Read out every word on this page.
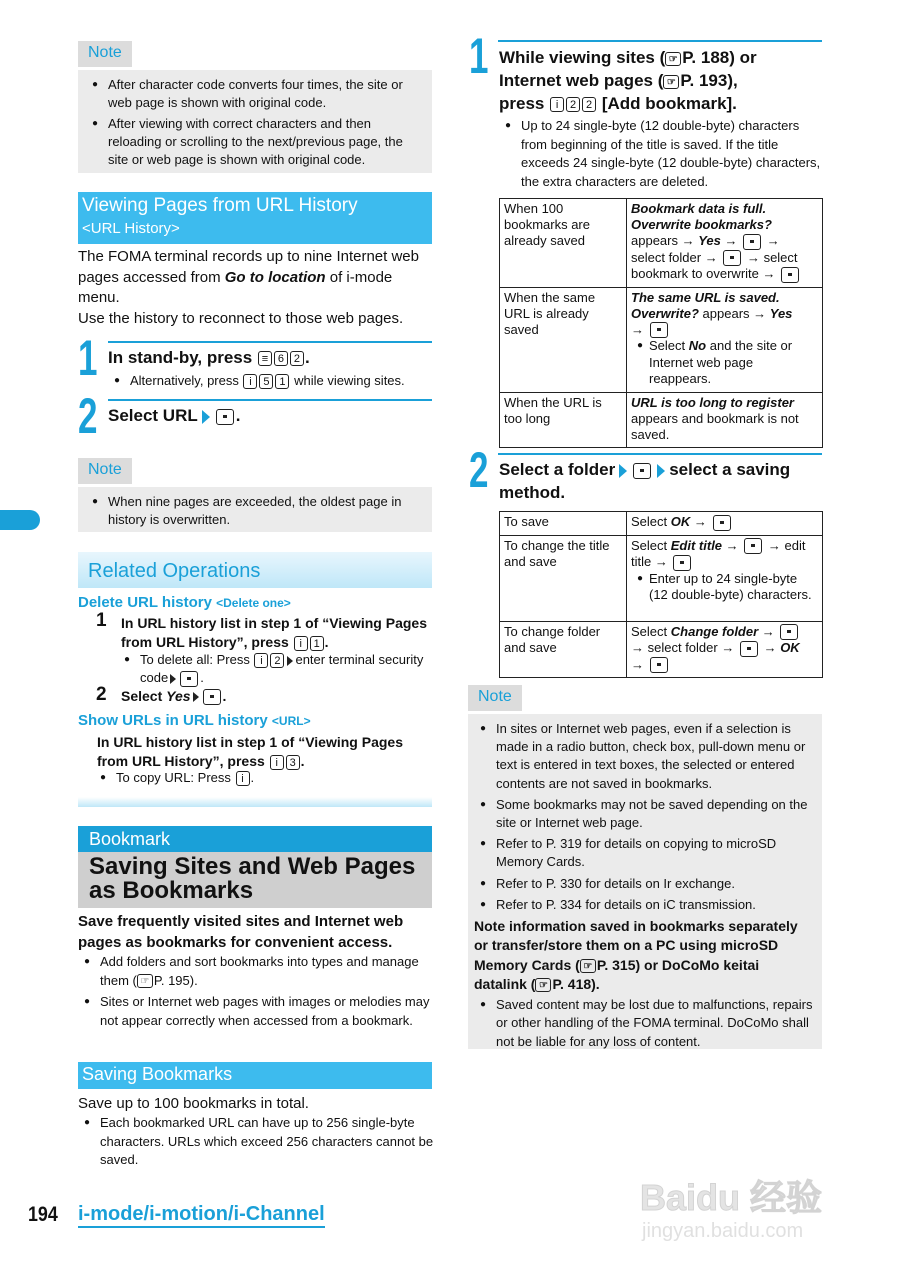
Note
● After character code converts four times, the site or web page is shown with original code.
● After viewing with correct characters and then reloading or scrolling to the next/previous page, the site or web page is shown with original code.
Viewing Pages from URL History
<URL History>
The FOMA terminal records up to nine Internet web pages accessed from Go to location of i-mode menu.
Use the history to reconnect to those web pages.
1 In stand-by, press ≡ 6 2 .
● Alternatively, press i 5 1 while viewing sites.
2 Select URL .
Note
● When nine pages are exceeded, the oldest page in history is overwritten.
Related Operations
Delete URL history <Delete one>
1 In URL history list in step 1 of “Viewing Pages from URL History”, press i 1 .
● To delete all: Press i 2 enter terminal security code .
2 Select Yes .
Show URLs in URL history <URL>
In URL history list in step 1 of “Viewing Pages from URL History”, press i 3 .
● To copy URL: Press i .
Bookmark
Saving Sites and Web Pages
as Bookmarks
Save frequently visited sites and Internet web pages as bookmarks for convenient access.
● Add folders and sort bookmarks into types and manage them ( ☞ P. 195).
● Sites or Internet web pages with images or melodies may not appear correctly when accessed from a bookmark.
Saving Bookmarks
Save up to 100 bookmarks in total.
● Each bookmarked URL can have up to 256 single-byte characters. URLs which exceed 256 characters cannot be saved.
194 i-mode/i-motion/i-Channel
1 While viewing sites ( ☞ P. 188) or
Internet web pages ( ☞ P. 193),
press i 2 2 [Add bookmark].
● Up to 24 single-byte (12 double-byte) characters from beginning of the title is saved. If the title exceeds 24 single-byte (12 double-byte) characters, the extra characters are deleted.
When 100 bookmarks are already saved	Bookmark data is full. Overwrite bookmarks?
appears → Yes →  →
select folder →  → select bookmark to overwrite →
When the same URL is already saved	The same URL is saved. Overwrite? appears → Yes
→
● Select No and the site or Internet web page reappears.

When the URL is too long	URL is too long to register appears and bookmark is not saved.
2 Select a folder	select a saving method.
To save	Select OK →
To change the title and save	Select Edit title →  → edit title →
● Enter up to 24 single-byte (12 double-byte) characters.

To change folder and save	Select Change folder →
→ select folder →  → OK
→
Note
● In sites or Internet web pages, even if a selection is made in a radio button, check box, pull-down menu or text is entered in text boxes, the selected or entered contents are not saved in bookmarks.
● Some bookmarks may not be saved depending on the site or Internet web page.
● Refer to P. 319 for details on copying to microSD Memory Cards.
● Refer to P. 330 for details on Ir exchange.
● Refer to P. 334 for details on iC transmission.
Note information saved in bookmarks separately or transfer/store them on a PC using microSD Memory Cards ( ☞ P. 315) or DoCoMo keitai datalink ( ☞ P. 418).
● Saved content may be lost due to malfunctions, repairs or other handling of the FOMA terminal. DoCoMo shall not be liable for any loss of content.
Baidu 经验
jingyan.baidu.com
